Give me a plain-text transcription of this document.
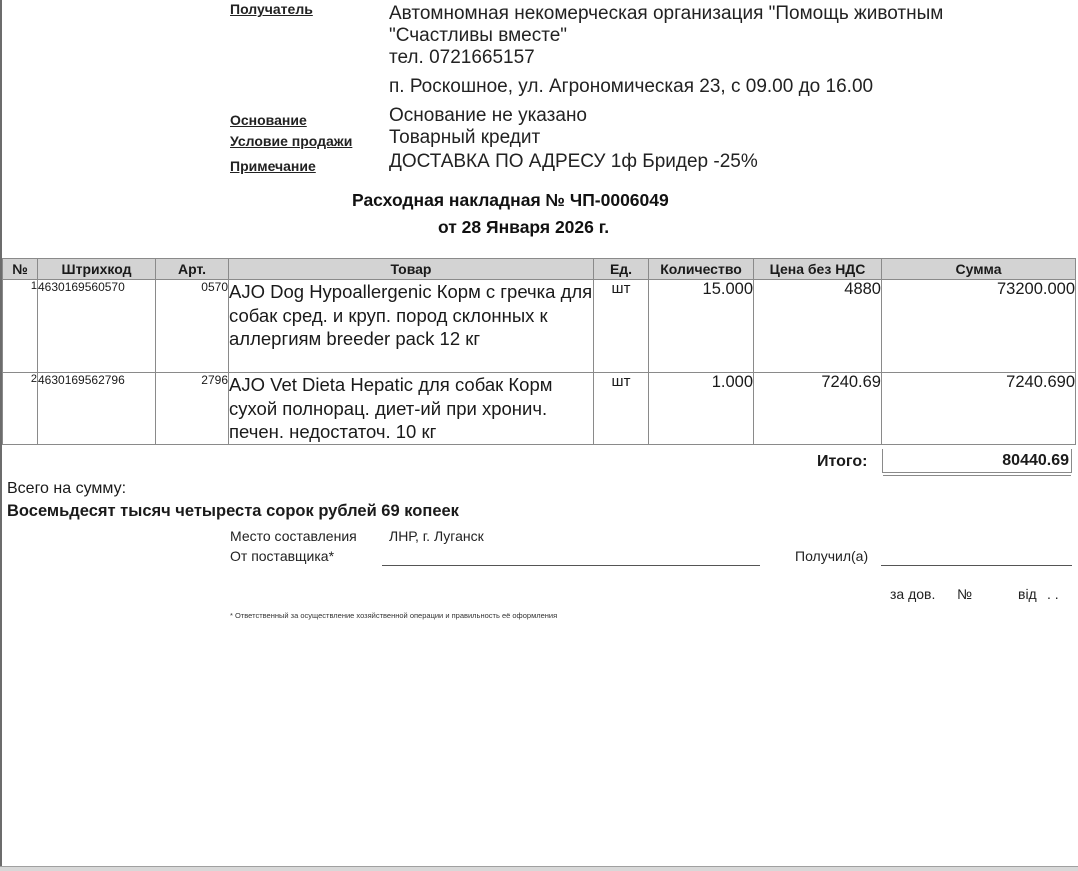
Получатель	Автомномная некомерческая организация "Помощь животным
"Счастливы вместе"
тел. 0721665157
п. Роскошное, ул. Агрономическая 23, с 09.00 до 16.00
Основание	Основание не указано
Условие продажи Товарный кредит
Примечание	ДОСТАВКА ПО АДРЕСУ 1ф Бридер -25%
Расходная накладная № ЧП-0006049
от 28 Января 2026 г.
№	Штрихкод	Арт.	Товар	Ед.	Количество	Цена без НДС	Сумма
1	4630169560570	0570	AJO Dog Hypoallergenic Корм с гречка для собак сред. и круп. пород склонных к аллергиям breeder pack 12 кг	шт	15.000	4880	73200.000
2	4630169562796	2796	AJO Vet Dieta Hepatic для собак Корм сухой полнорац. диет-ий при хронич. печен. недостаточ. 10 кг	шт	1.000	7240.69	7240.690
Итого:	80440.69
Всего на сумму:
Восемьдесят тысяч четыреста сорок рублей 69 копеек
Место составления ЛНР, г. Луганск
От поставщика*	Получил(а)
за дов. №	від . .
* Ответственный за осуществление хозяйственной операции и правильность её оформления
